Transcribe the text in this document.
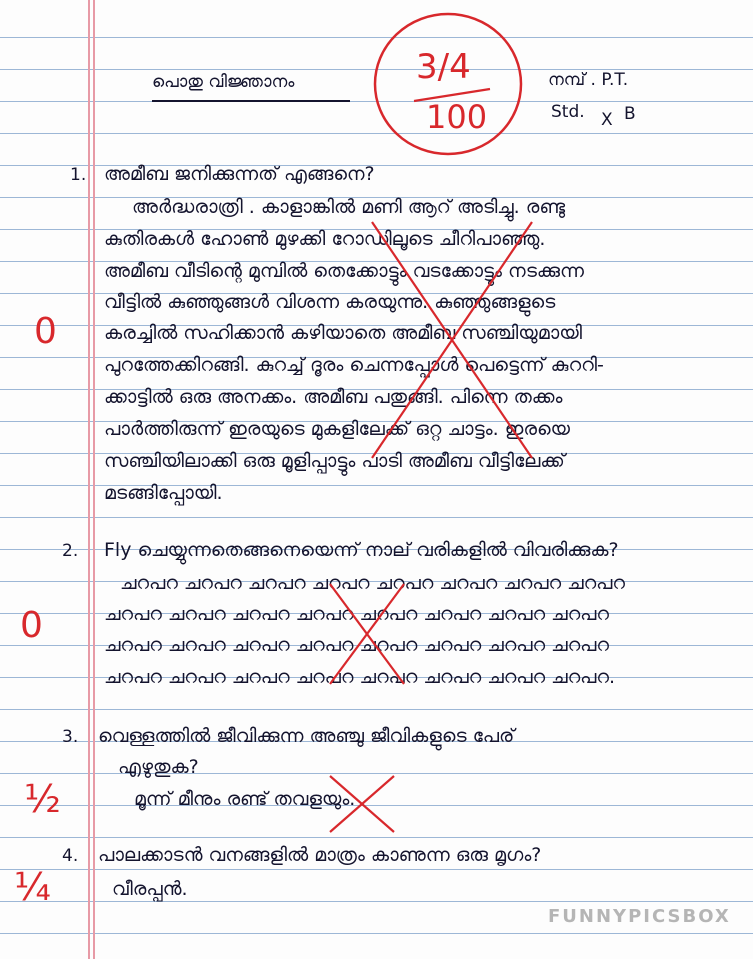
പൊതു വിജ്ഞാനം	നമ്പ് . P.T.
Std. X B
3/4
100
1. അമീബ ജനിക്കുന്നത് എങ്ങനെ?
അർദ്ധരാത്രി . കാളാങ്കിൽ മണി ആറ് അടിച്ചു. രണ്ടു
കുതിരകൾ ഹോൺ മുഴക്കി റോഡിലൂടെ ചീറിപാഞ്ഞു.
അമീബ വീടിന്റെ മുമ്പിൽ തെക്കോട്ടും വടക്കോട്ടും നടക്കുന്ന
വീട്ടിൽ കുഞ്ഞുങ്ങൾ വിശന്ന കരയുന്നു. കുഞ്ഞുങ്ങളുടെ
കരച്ചിൽ സഹിക്കാൻ കഴിയാതെ അമീബ സഞ്ചിയുമായി
പുറത്തേക്കിറങ്ങി. കുറച്ച് ദൂരം ചെന്നപ്പോൾ പെട്ടെന്ന് കുററി-
ക്കാട്ടിൽ ഒരു അനക്കം. അമീബ പതുങ്ങി. പിന്നെ തക്കം
പാർത്തിരുന്ന് ഇരയുടെ മുകളിലേക്ക് ഒറ്റ ചാട്ടം. ഇരയെ
സഞ്ചിയിലാക്കി ഒരു മൂളിപ്പാട്ടും പാടി അമീബ വീട്ടിലേക്ക്
മടങ്ങിപ്പോയി.
0
2. Fly ചെയ്യുന്നതെങ്ങനെയെന്ന് നാല് വരികളിൽ വിവരിക്കുക?
ചറപറ ചറപറ ചറപറ ചറപറ ചറപറ ചറപറ ചറപറ ചറപറ
ചറപറ ചറപറ ചറപറ ചറപറ ചറപറ ചറപറ ചറപറ ചറപറ
ചറപറ ചറപറ ചറപറ ചറപറ ചറപറ ചറപറ ചറപറ ചറപറ
ചറപറ ചറപറ ചറപറ ചറപറ ചറപറ ചറപറ ചറപറ ചറപറ.
0
3. വെള്ളത്തിൽ ജീവിക്കുന്ന അഞ്ചു ജീവികളുടെ പേര്
എഴുതുക?
മൂന്ന് മീനും രണ്ട് തവളയും.
½
4. പാലക്കാടൻ വനങ്ങളിൽ മാത്രം കാണുന്ന ഒരു മൃഗം?
വീരപ്പൻ.
¼
FUNNYPICSBOX
